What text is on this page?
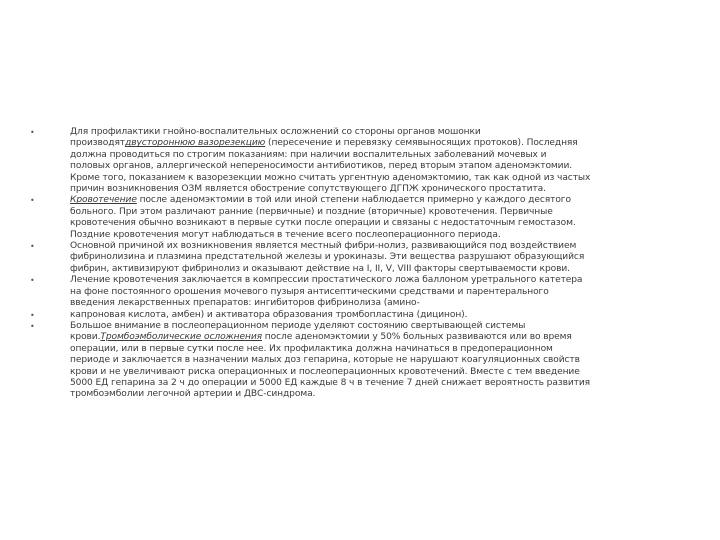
•	Для профилактики гнойно-воспалительных осложнений со стороны органов мошонки
производятдвустороннюю вазорезекцию (пересечение и перевязку семявыносящих протоков). Последняя
должна проводиться по строгим показаниям: при наличии воспалительных заболеваний мочевых и
половых органов, аллергической непереносимости антибиотиков, перед вторым этапом аденомэктомии.
Кроме того, показанием к вазорезекции можно считать ургентную аденомэктомию, так как одной из частых
причин возникновения ОЗМ является обострение сопутствующего ДГПЖ хронического простатита.
•	Кровотечение после аденомэктомии в той или иной степени наблюдается примерно у каждого десятого
больного. При этом различают ранние (первичные) и поздние (вторичные) кровотечения. Первичные
кровотечения обычно возникают в первые сутки после операции и связаны с недостаточным гемостазом.
Поздние кровотечения могут наблюдаться в течение всего послеоперационного периода.
•	Основной причиной их возникновения является местный фибри-нолиз, развивающийся под воздействием
фибринолизина и плазмина предстательной железы и урокиназы. Эти вещества разрушают образующийся
фибрин, активизируют фибринолиз и оказывают действие на I, II, V, VIII факторы свертываемости крови.
•	Лечение кровотечения заключается в компрессии простатического ложа баллоном уретрального катетера
на фоне постоянного орошения мочевого пузыря антисептическими средствами и парентерального
введения лекарственных препаратов: ингибиторов фибринолиза (амино-
•	капроновая кислота, амбен) и активатора образования тромбопластина (дицинон).
•	Большое внимание в послеоперационном периоде уделяют состоянию свертывающей системы
крови.Тромбоэмболические осложнения после аденомэктомии у 50% больных развиваются или во время
операции, или в первые сутки после нее. Их профилактика должна начинаться в предоперационном
периоде и заключается в назначении малых доз гепарина, которые не нарушают коагуляционных свойств
крови и не увеличивают риска операционных и послеоперационных кровотечений. Вместе с тем введение
5000 ЕД гепарина за 2 ч до операции и 5000 ЕД каждые 8 ч в течение 7 дней снижает вероятность развития
тромбоэмболии легочной артерии и ДВС-синдрома.
